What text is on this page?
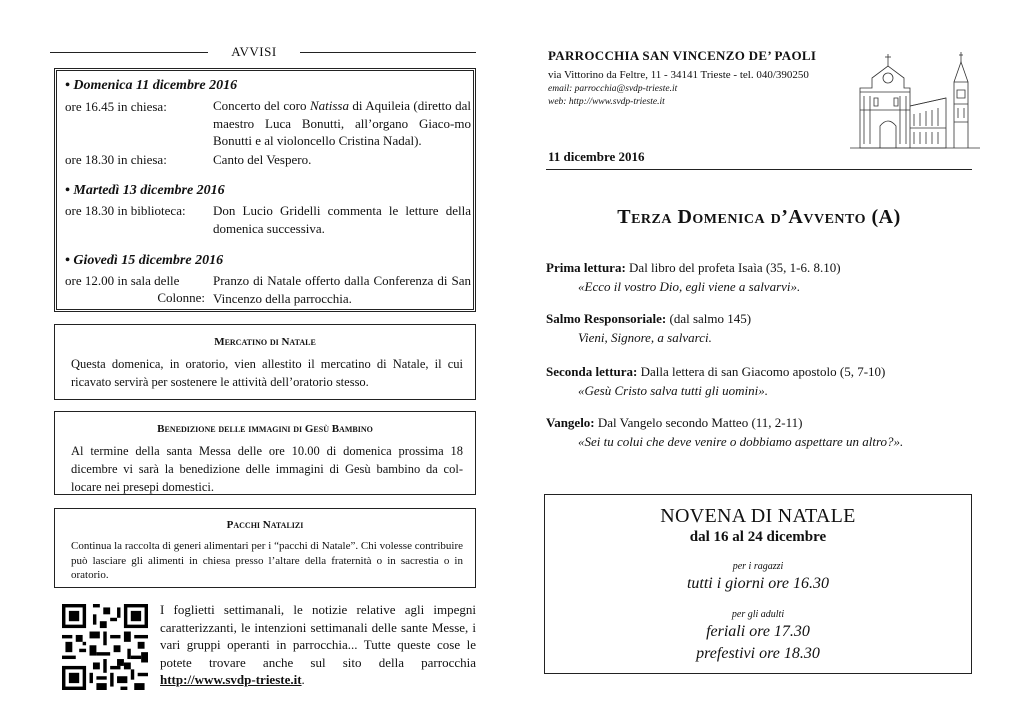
AVVISI
• Domenica 11 dicembre 2016
ore 16.45 in chiesa:	Concerto del coro Natissa di Aquileia (diretto dal maestro Luca Bonutti, all’organo Giaco-mo Bonutti e al violoncello Cristina Nadal).
ore 18.30 in chiesa:	Canto del Vespero.
• Martedì 13 dicembre 2016
ore 18.30 in biblioteca: Don Lucio Gridelli commenta le letture della domenica successiva.
• Giovedì 15 dicembre 2016
ore 12.00 in sala delle
Colonne:
Pranzo di Natale offerto dalla Conferenza di San Vincenzo della parrocchia.
Mercatino di Natale
Questa domenica, in oratorio, vien allestito il mercatino di Natale, il cui ricavato servirà per sostenere le attività dell’oratorio stesso.
Benedizione delle immagini di Gesù Bambino
Al termine della santa Messa delle ore 10.00 di domenica prossima 18 dicembre vi sarà la benedizione delle immagini di Gesù bambino da col-locare nei presepi domestici.
Pacchi Natalizi
Continua la raccolta di generi alimentari per i “pacchi di Natale”. Chi volesse contribuire può lasciare gli alimenti in chiesa presso l’altare della fraternità o in sacrestia o in oratorio.
I foglietti settimanali, le notizie relative agli impegni caratterizzanti, le intenzioni settimanali delle sante Messe, i vari gruppi operanti in parrocchia... Tutte queste cose le potete trovare anche sul sito della parrocchia http://www.svdp-trieste.it.
PARROCCHIA SAN VINCENZO DE’ PAOLI
via Vittorino da Feltre, 11 - 34141 Trieste - tel. 040/390250
email: parrocchia@svdp-trieste.it
web: http://www.svdp-trieste.it
11 dicembre 2016
Terza Domenica d’Avvento (A)
Prima lettura: Dal libro del profeta Isaìa (35, 1-6. 8.10)
«Ecco il vostro Dio, egli viene a salvarvi».
Salmo Responsoriale: (dal salmo 145)
Vieni, Signore, a salvarci.
Seconda lettura: Dalla lettera di san Giacomo apostolo (5, 7-10)
«Gesù Cristo salva tutti gli uomini».
Vangelo: Dal Vangelo secondo Matteo (11, 2-11)
«Sei tu colui che deve venire o dobbiamo aspettare un altro?».
NOVENA DI NATALE
dal 16 al 24 dicembre
per i ragazzi
tutti i giorni ore 16.30
per gli adulti
feriali ore 17.30
prefestivi ore 18.30
